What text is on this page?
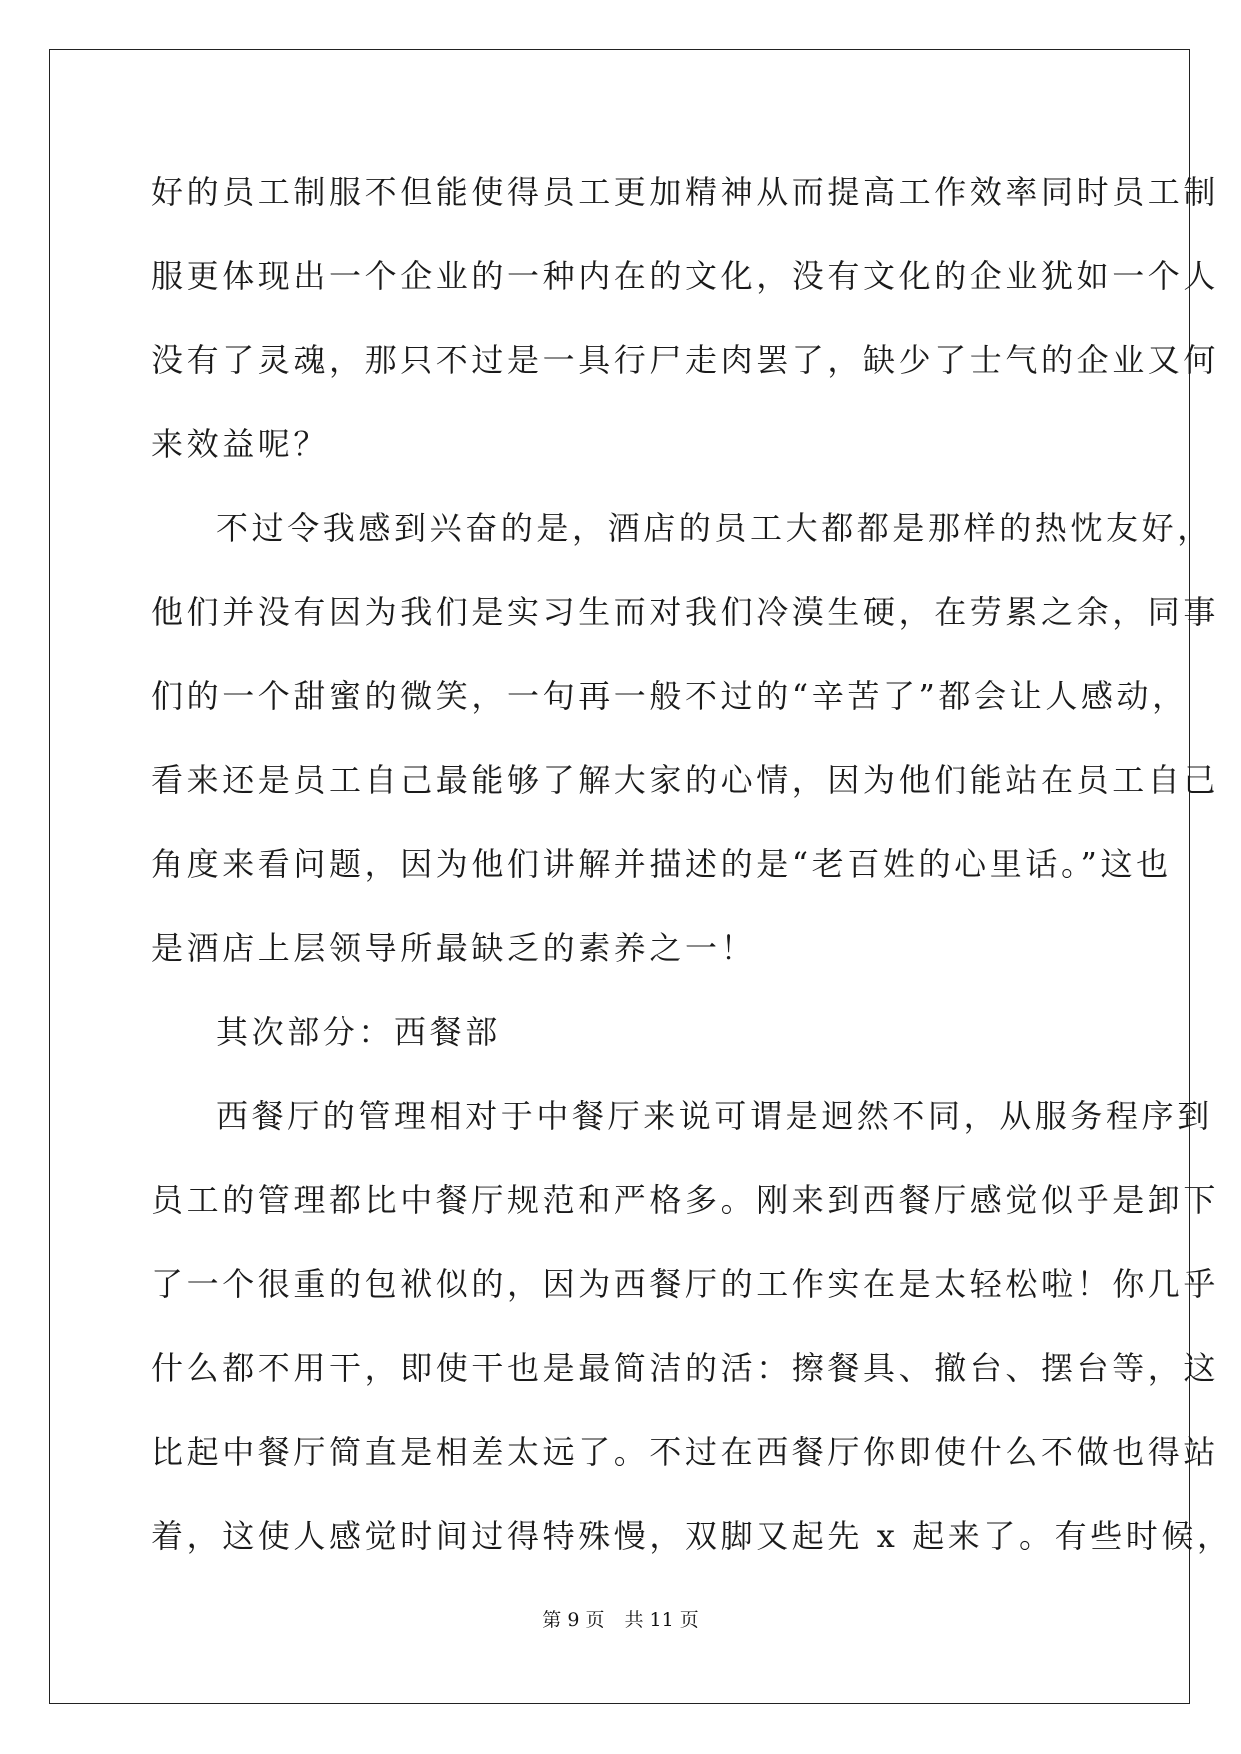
好的员工制服不但能使得员工更加精神从而提高工作效率同时员工制
服更体现出一个企业的一种内在的文化，没有文化的企业犹如一个人
没有了灵魂，那只不过是一具行尸走肉罢了，缺少了士气的企业又何
来效益呢？
不过令我感到兴奋的是，酒店的员工大都都是那样的热忱友好，
他们并没有因为我们是实习生而对我们冷漠生硬，在劳累之余，同事
们的一个甜蜜的微笑，一句再一般不过的“辛苦了”都会让人感动，
看来还是员工自己最能够了解大家的心情，因为他们能站在员工自己
角度来看问题，因为他们讲解并描述的是“老百姓的心里话。”这也
是酒店上层领导所最缺乏的素养之一！
其次部分：西餐部
西餐厅的管理相对于中餐厅来说可谓是迥然不同，从服务程序到
员工的管理都比中餐厅规范和严格多。刚来到西餐厅感觉似乎是卸下
了一个很重的包袱似的，因为西餐厅的工作实在是太轻松啦！你几乎
什么都不用干，即使干也是最简洁的活：擦餐具、撤台、摆台等，这
比起中餐厅简直是相差太远了。不过在西餐厅你即使什么不做也得站
着，这使人感觉时间过得特殊慢，双脚又起先 x 起来了。有些时候，
第 9 页 共 11 页
